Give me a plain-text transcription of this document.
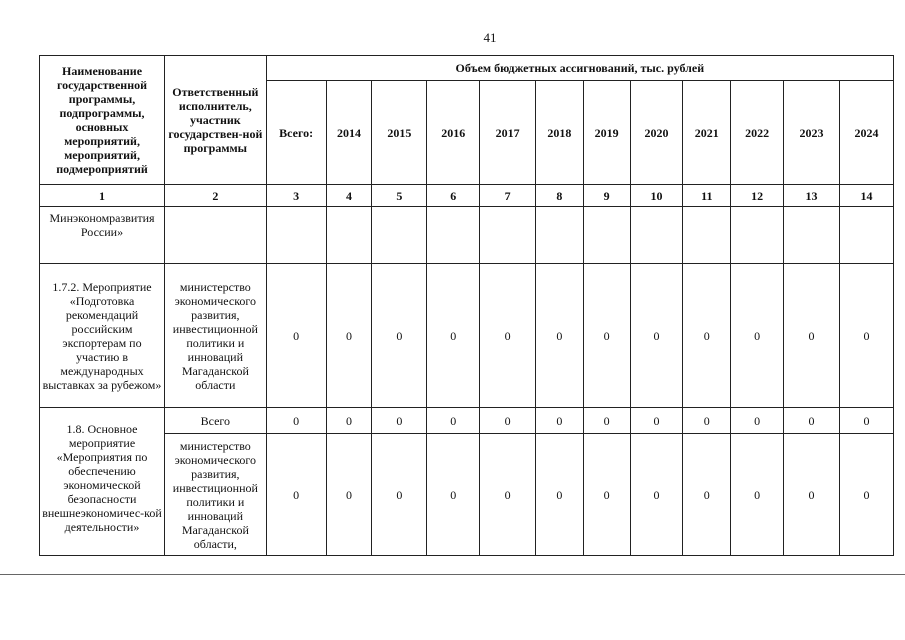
41
Наименование государственной программы, подпрограммы, основных мероприятий, мероприятий, подмероприятий	Ответственный исполнитель, участник государствен-ной программы	Объем бюджетных ассигнований, тыс. рублей											
		Всего:	2014	2015	2016	2017	2018	2019	2020	2021	2022	2023	2024
1	2	3	4	5	6	7	8	9	10	11	12	13	14
Минэкономразвития России»													
1.7.2. Мероприятие «Подготовка рекомендаций российским экспортерам по участию в международных выставках за рубежом»	министерство экономического развития, инвестиционной политики и инноваций Магаданской области	0	0	0	0	0	0	0	0	0	0	0	0
1.8. Основное мероприятие «Мероприятия по обеспечению экономической безопасности внешнеэкономичес-кой деятельности»	Всего	0	0	0	0	0	0	0	0	0	0	0	0
	министерство экономического развития, инвестиционной политики и инноваций Магаданской области,	0	0	0	0	0	0	0	0	0	0	0	0
